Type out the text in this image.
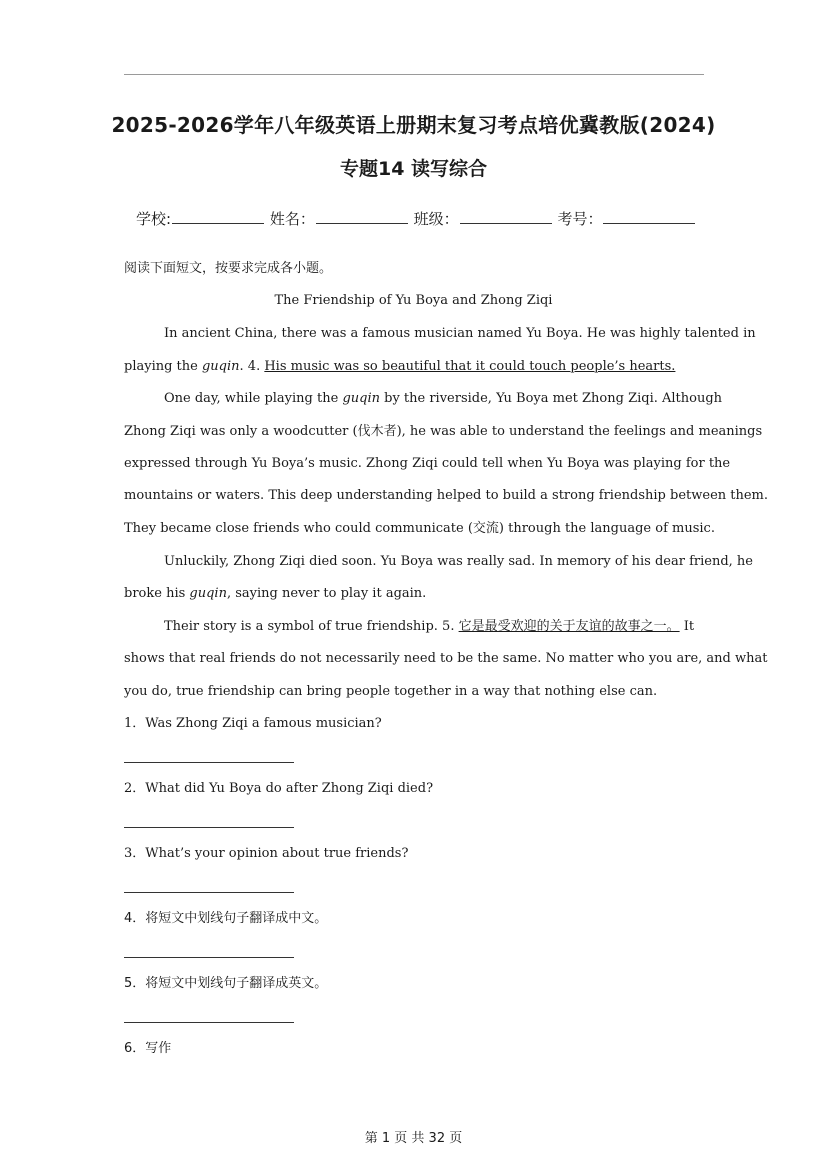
2025-2026学年八年级英语上册期末复习考点培优冀教版(2024)
专题14 读写综合
学校:	姓名：	班级：	考号：
阅读下面短文，按要求完成各小题。
The Friendship of Yu Boya and Zhong Ziqi
In ancient China, there was a famous musician named Yu Boya. He was highly talented in
playing the guqin. 4. His music was so beautiful that it could touch people’s hearts.
One day, while playing the guqin by the riverside, Yu Boya met Zhong Ziqi. Although
Zhong Ziqi was only a woodcutter (伐木者), he was able to understand the feelings and meanings
expressed through Yu Boya’s music. Zhong Ziqi could tell when Yu Boya was playing for the
mountains or waters. This deep understanding helped to build a strong friendship between them.
They became close friends who could communicate (交流) through the language of music.
Unluckily, Zhong Ziqi died soon. Yu Boya was really sad. In memory of his dear friend, he
broke his guqin, saying never to play it again.
Their story is a symbol of true friendship. 5. 它是最受欢迎的关于友谊的故事之一。 It
shows that real friends do not necessarily need to be the same. No matter who you are, and what
you do, true friendship can bring people together in a way that nothing else can.
1．Was Zhong Ziqi a famous musician?
2．What did Yu Boya do after Zhong Ziqi died?
3．What’s your opinion about true friends?
4．将短文中划线句子翻译成中文。
5．将短文中划线句子翻译成英文。
6．写作
第 1 页 共 32 页
